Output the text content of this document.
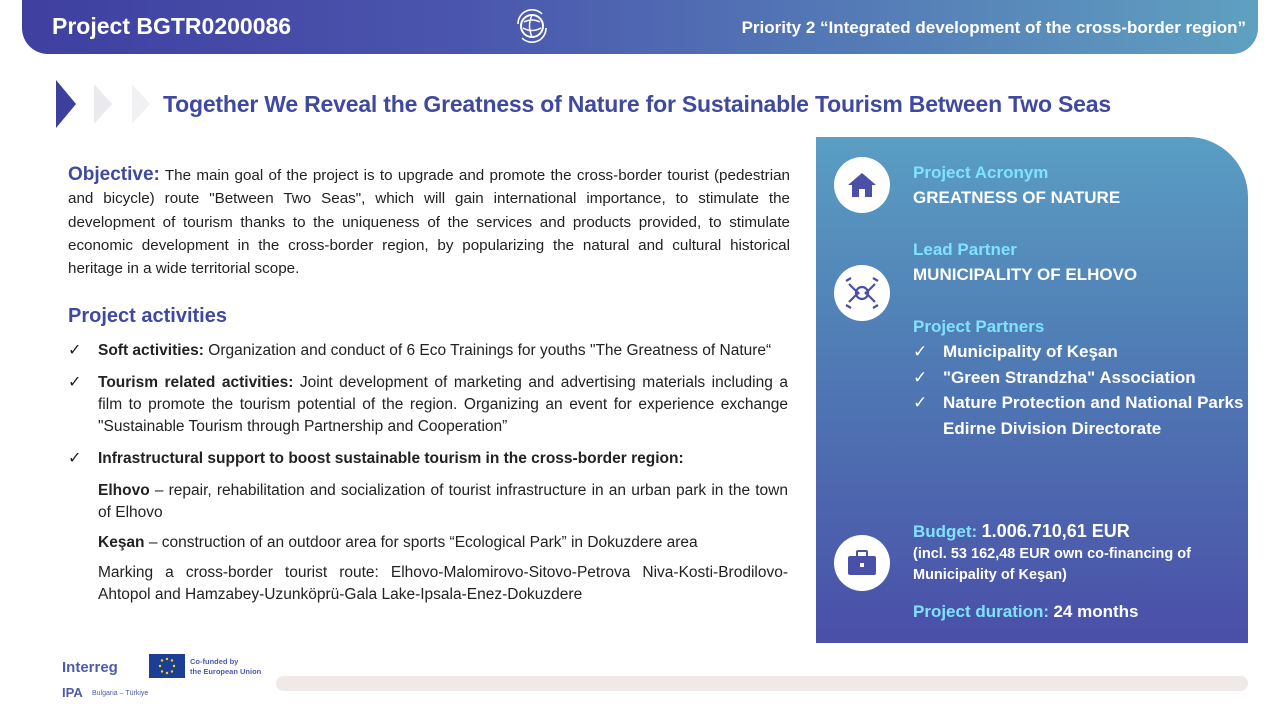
Project BGTR0200086	Priority 2 “Integrated development of the cross-border region”
Together We Reveal the Greatness of Nature for Sustainable Tourism Between Two Seas
Objective: The main goal of the project is to upgrade and promote the cross-border tourist (pedestrian and bicycle) route "Between Two Seas", which will gain international importance, to stimulate the development of tourism thanks to the uniqueness of the services and products provided, to stimulate economic development in the cross-border region, by popularizing the natural and cultural historical heritage in a wide territorial scope.
Project activities
✓ Soft activities: Organization and conduct of 6 Eco Trainings for youths "The Greatness of Nature“
✓ Tourism related activities: Joint development of marketing and advertising materials including a film to promote the tourism potential of the region. Organizing an event for experience exchange "Sustainable Tourism through Partnership and Cooperation”
✓ Infrastructural support to boost sustainable tourism in the cross-border region:
Elhovo – repair, rehabilitation and socialization of tourist infrastructure in an urban park in the town of Elhovo
Keşan – construction of an outdoor area for sports “Ecological Park” in Dokuzdere area
Marking a cross-border tourist route: Elhovo-Malomirovo-Sitovo-Petrova Niva-Kosti-Brodilovo-Ahtopol and Hamzabey-Uzunköprü-Gala Lake-Ipsala-Enez-Dokuzdere
Project Acronym
GREATNESS OF NATURE
Lead Partner
MUNICIPALITY OF ELHOVO
Project Partners
✓ Municipality of Keşan
✓ "Green Strandzha" Association
✓ Nature Protection and National Parks Edirne Division Directorate
Budget: 1.006.710,61 EUR
(incl. 53 162,48 EUR own co-financing of Municipality of Keşan)
Project duration: 24 months
Interreg	Co-funded by
the European Union
IPA Bulgaria – Türkiye
